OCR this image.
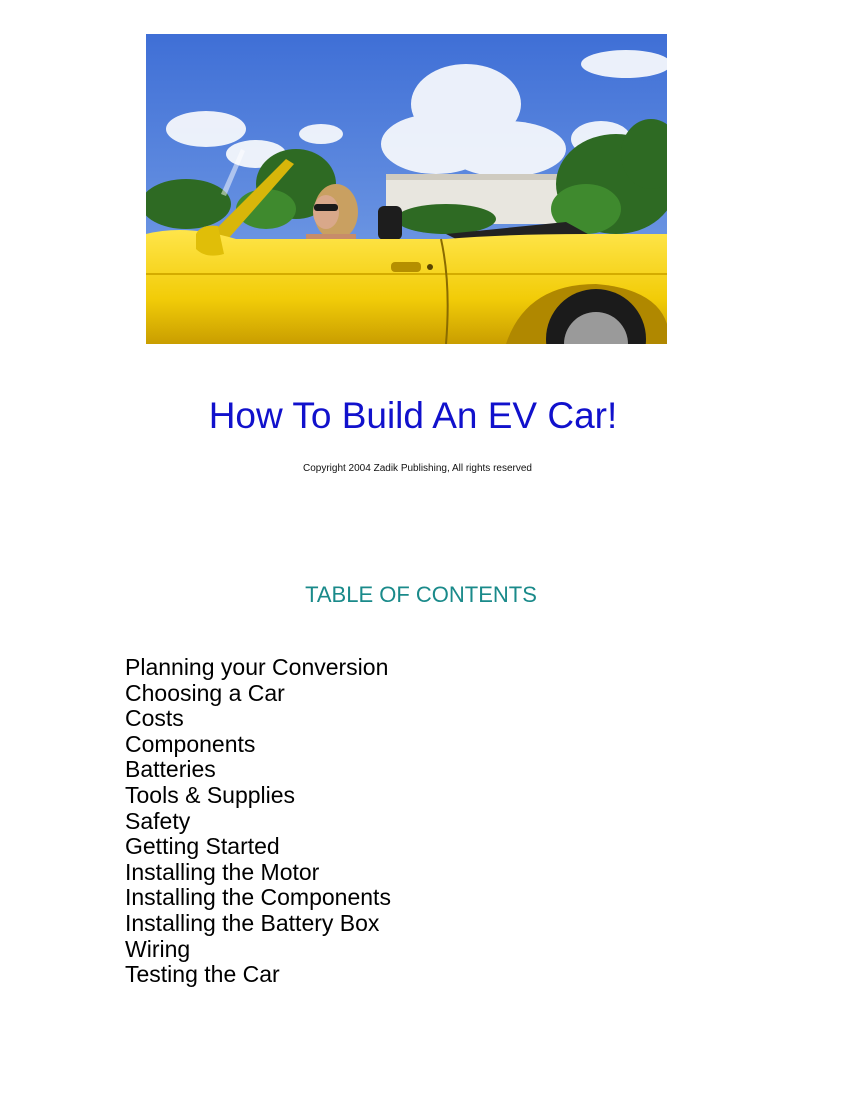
How To Build An EV Car!
Copyright 2004 Zadik Publishing, All rights reserved
TABLE OF CONTENTS
Planning your Conversion
Choosing a Car
Costs
Components
Batteries
Tools & Supplies
Safety
Getting Started
Installing the Motor
Installing the Components
Installing the Battery Box
Wiring
Testing the Car
